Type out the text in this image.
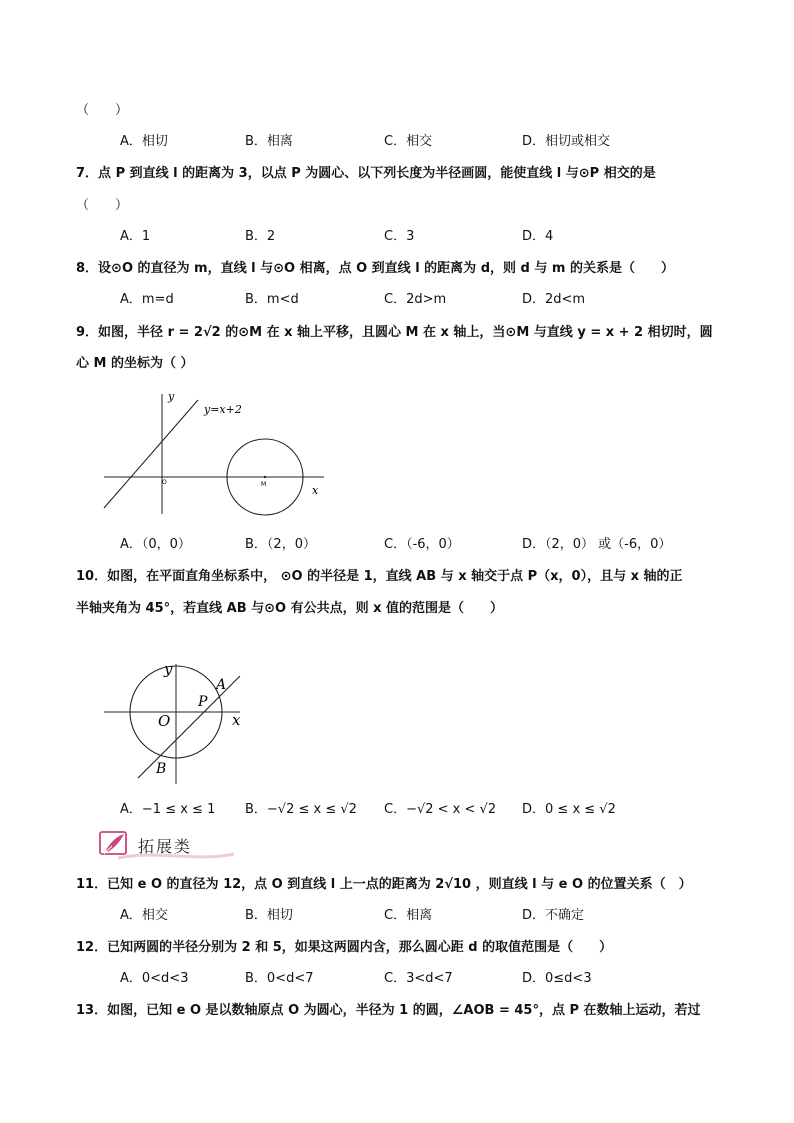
（　　）
A．相切	B．相离	C．相交	D．相切或相交
7．点 P 到直线 l 的距离为 3，以点 P 为圆心、以下列长度为半径画圆，能使直线 l 与⊙P 相交的是
（　　）
A．1	B．2	C．3	D．4
8．设⊙O 的直径为 m，直线 l 与⊙O 相离，点 O 到直线 l 的距离为 d，则 d 与 m 的关系是（　　）
A．m=d	B．m<d	C．2d>m	D．2d<m
9．如图，半径 r = 2√2 的⊙M 在 x 轴上平移，且圆心 M 在 x 轴上，当⊙M 与直线 y = x + 2 相切时，圆
心 M 的坐标为（ ）
y
x
O	M
y=x+2
A．（0，0）	B．（2，0）	C．（-6，0）	D．（2，0） 或（-6，0）
10．如图，在平面直角坐标系中， ⊙O 的半径是 1，直线 AB 与 x 轴交于点 P（x，0），且与 x 轴的正
半轴夹角为 45°，若直线 AB 与⊙O 有公共点，则 x 值的范围是（　　）
y
x
O
A
B
P
A．−1 ≤ x ≤ 1 B．−√2 ≤ x ≤ √2 C．−√2 < x < √2 D．0 ≤ x ≤ √2
拓展类
11．已知 e O 的直径为 12，点 O 到直线 l 上一点的距离为 2√10 ，则直线 l 与 e O 的位置关系（　）
A．相交	B．相切	C．相离	D．不确定
12．已知两圆的半径分别为 2 和 5，如果这两圆内含，那么圆心距 d 的取值范围是（　　）
A．0<d<3	B．0<d<7	C．3<d<7	D．0≤d<3
13．如图，已知 e O 是以数轴原点 O 为圆心，半径为 1 的圆，∠AOB = 45°，点 P 在数轴上运动，若过
